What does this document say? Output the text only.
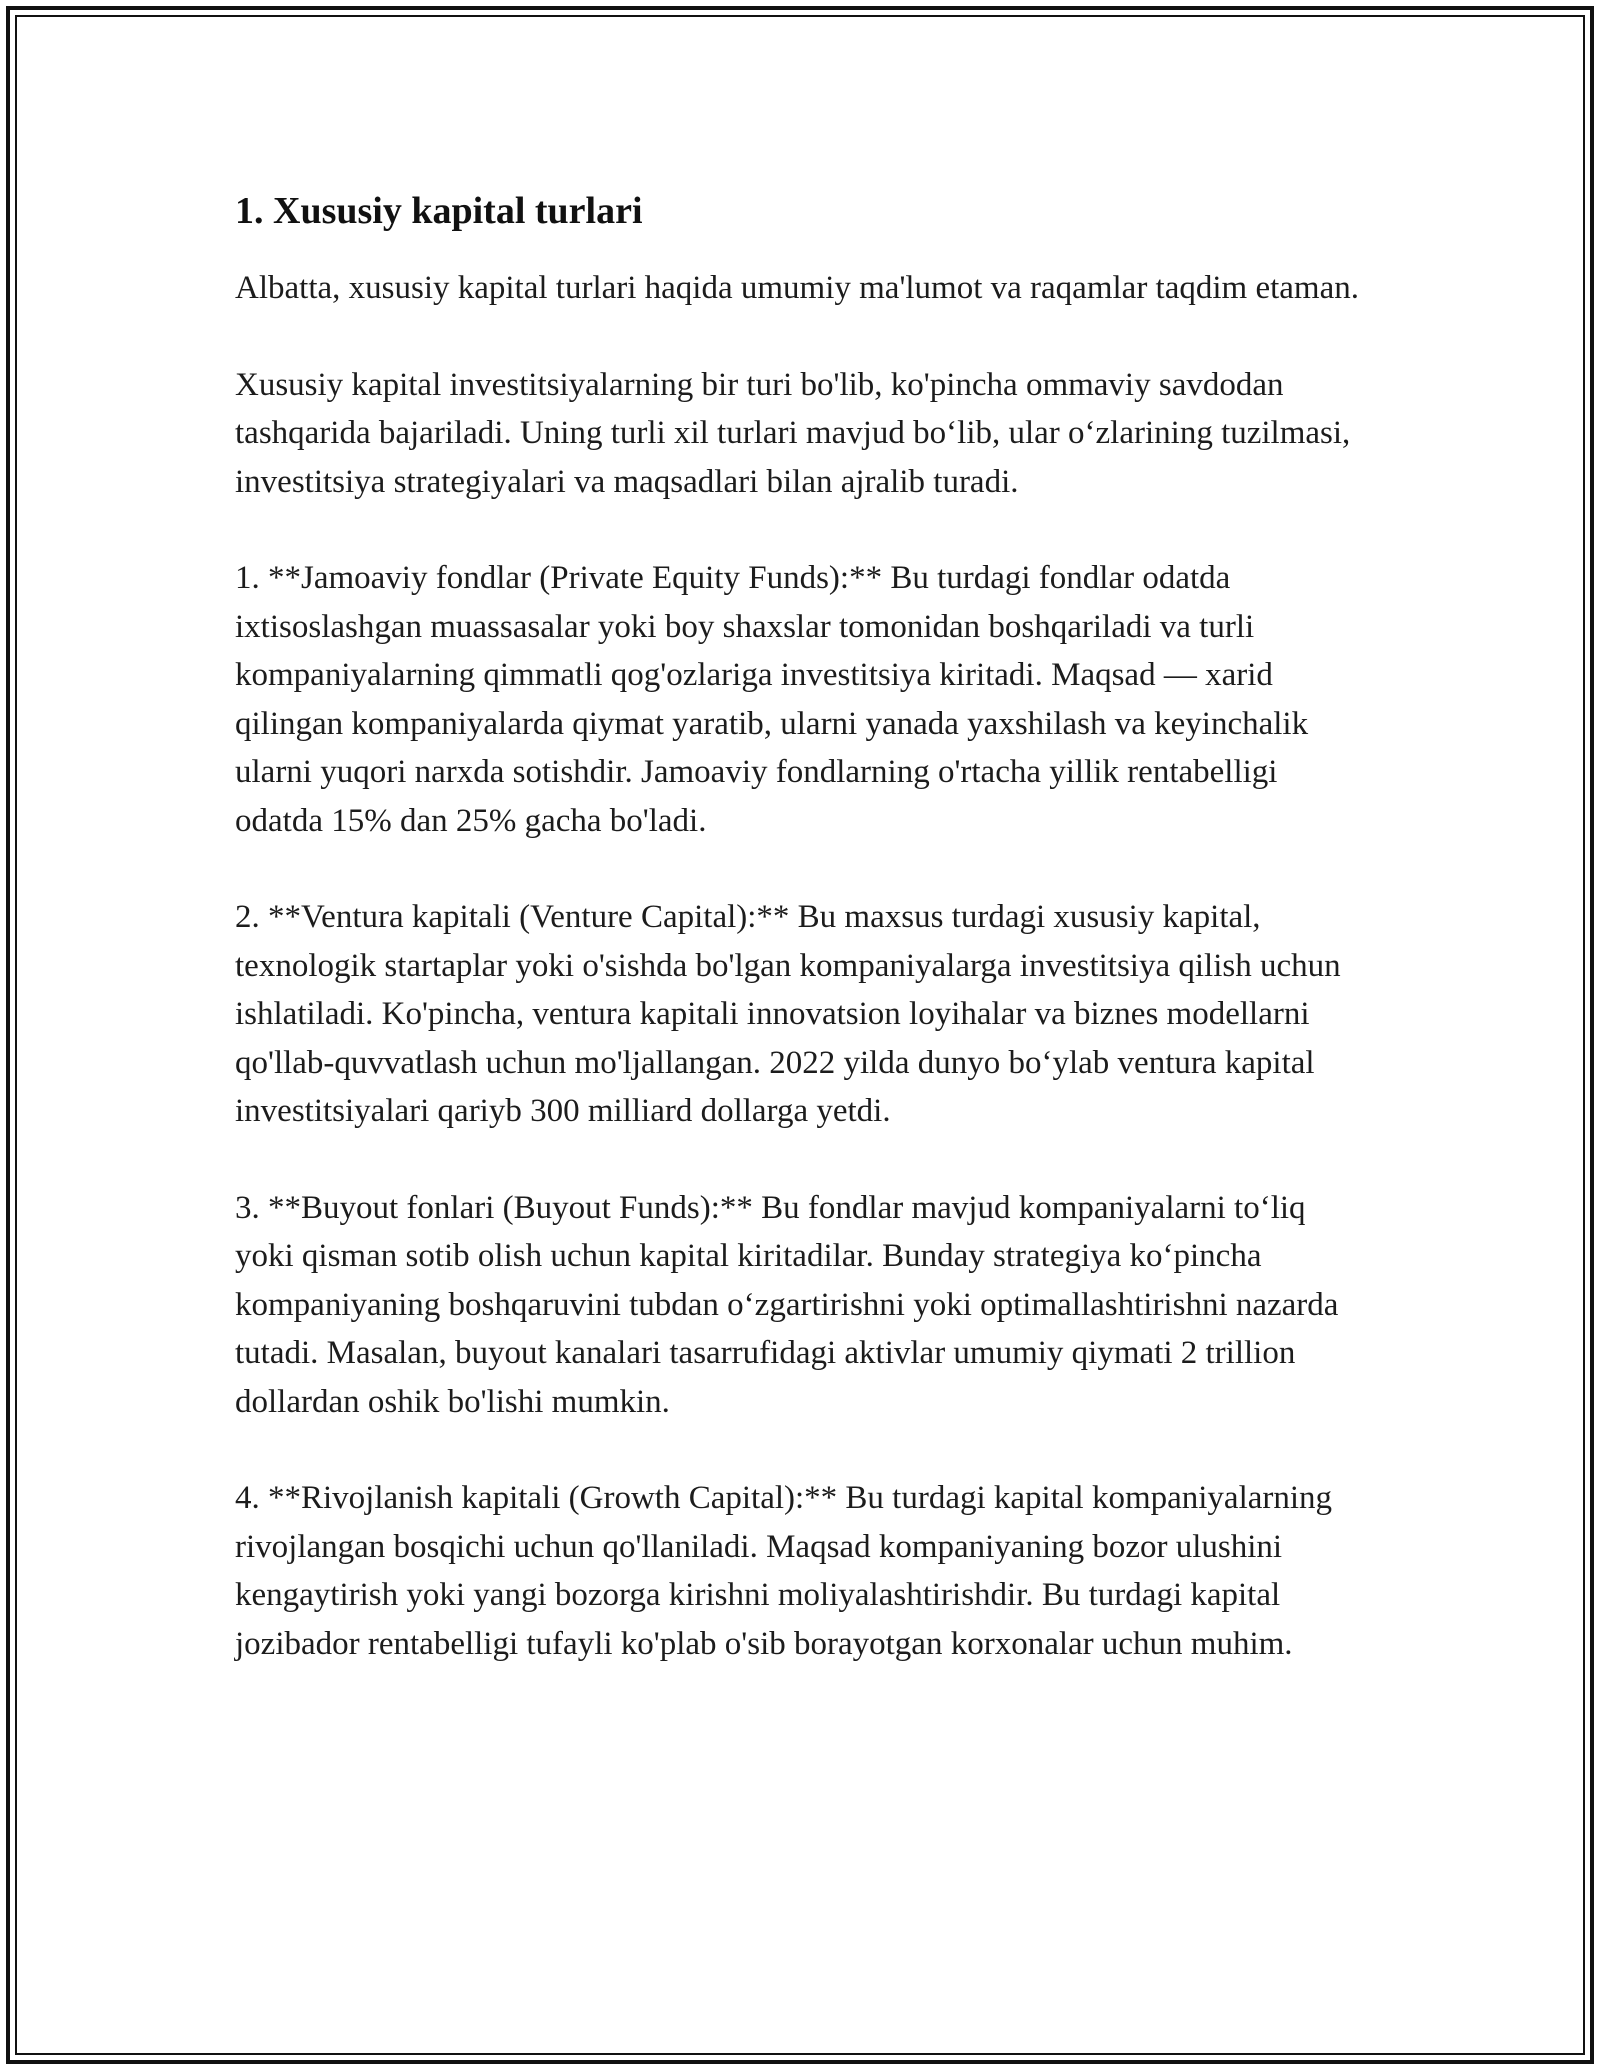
1. Xususiy kapital turlari

Albatta, xususiy kapital turlari haqida umumiy ma'lumot va raqamlar taqdim etaman.

Xususiy kapital investitsiyalarning bir turi bo'lib, ko'pincha ommaviy savdodan tashqarida bajariladi. Uning turli xil turlari mavjud bo‘lib, ular o‘zlarining tuzilmasi, investitsiya strategiyalari va maqsadlari bilan ajralib turadi.

1. **Jamoaviy fondlar (Private Equity Funds):** Bu turdagi fondlar odatda ixtisoslashgan muassasalar yoki boy shaxslar tomonidan boshqariladi va turli kompaniyalarning qimmatli qog'ozlariga investitsiya kiritadi. Maqsad — xarid qilingan kompaniyalarda qiymat yaratib, ularni yanada yaxshilash va keyinchalik ularni yuqori narxda sotishdir. Jamoaviy fondlarning o'rtacha yillik rentabelligi odatda 15% dan 25% gacha bo'ladi.

2. **Ventura kapitali (Venture Capital):** Bu maxsus turdagi xususiy kapital, texnologik startaplar yoki o'sishda bo'lgan kompaniyalarga investitsiya qilish uchun ishlatiladi. Ko'pincha, ventura kapitali innovatsion loyihalar va biznes modellarni qo'llab-quvvatlash uchun mo'ljallangan. 2022 yilda dunyo bo‘ylab ventura kapital investitsiyalari qariyb 300 milliard dollarga yetdi.

3. **Buyout fonlari (Buyout Funds):** Bu fondlar mavjud kompaniyalarni to‘liq yoki qisman sotib olish uchun kapital kiritadilar. Bunday strategiya ko‘pincha kompaniyaning boshqaruvini tubdan o‘zgartirishni yoki optimallashtirishni nazarda tutadi. Masalan, buyout kanalari tasarrufidagi aktivlar umumiy qiymati 2 trillion dollardan oshik bo'lishi mumkin.

4. **Rivojlanish kapitali (Growth Capital):** Bu turdagi kapital kompaniyalarning rivojlangan bosqichi uchun qo'llaniladi. Maqsad kompaniyaning bozor ulushini kengaytirish yoki yangi bozorga kirishni moliyalashtirishdir. Bu turdagi kapital jozibador rentabelligi tufayli ko'plab o'sib borayotgan korxonalar uchun muhim.
